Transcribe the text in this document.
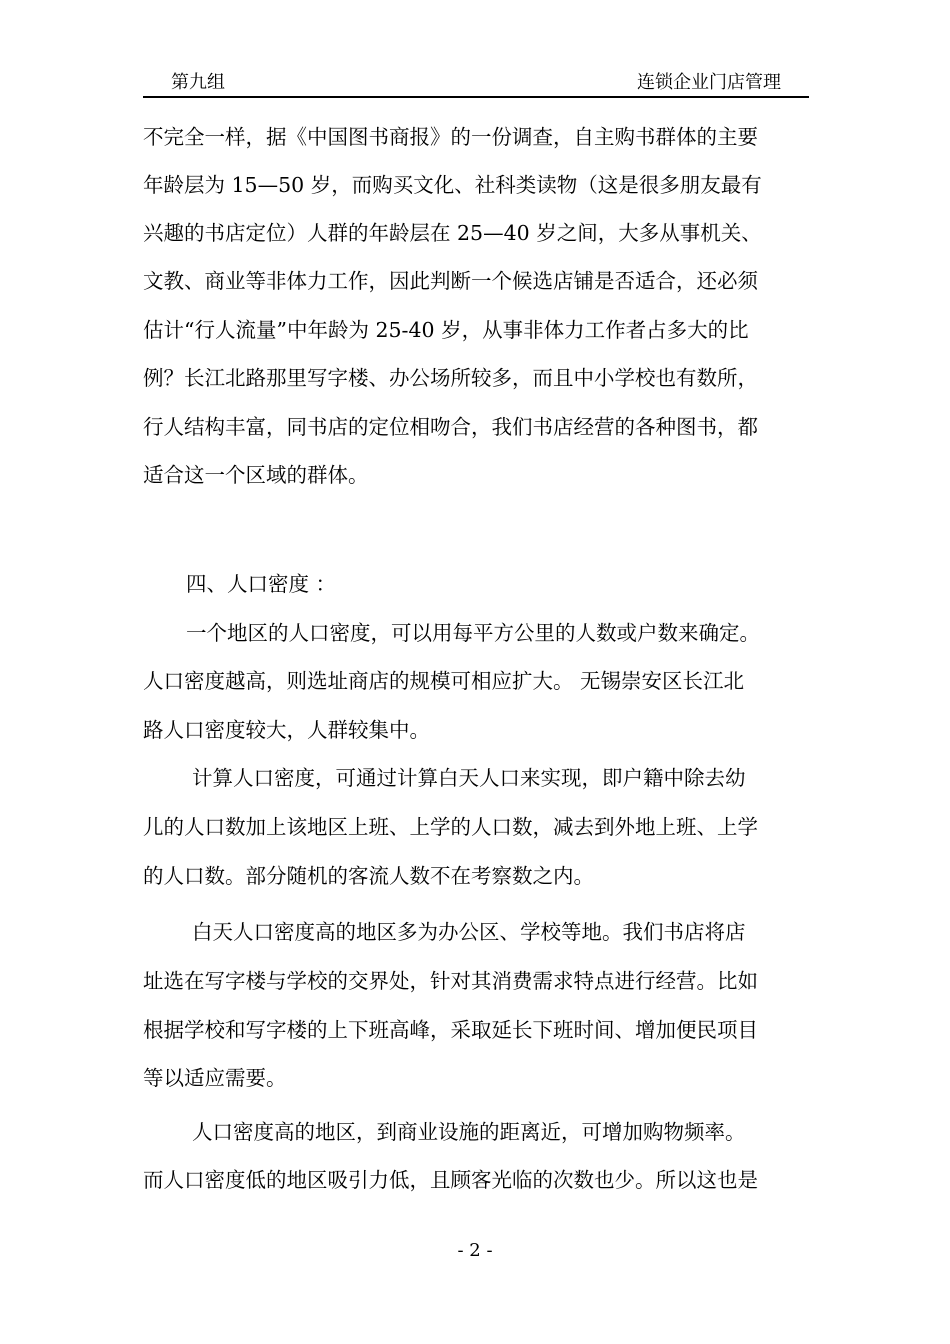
第九组	连锁企业门店管理
不完全一样，据《中国图书商报》的一份调查，自主购书群体的主要
年龄层为 15—50 岁，而购买文化、社科类读物（这是很多朋友最有
兴趣的书店定位）人群的年龄层在 25—40 岁之间，大多从事机关、
文教、商业等非体力工作，因此判断一个候选店铺是否适合，还必须
估计“行人流量”中年龄为 25-40 岁，从事非体力工作者占多大的比
例？长江北路那里写字楼、办公场所较多，而且中小学校也有数所，
行人结构丰富，同书店的定位相吻合，我们书店经营的各种图书，都
适合这一个区域的群体。
四、人口密度 ：
一个地区的人口密度，可以用每平方公里的人数或户数来确定。
人口密度越高，则选址商店的规模可相应扩大。 无锡崇安区长江北
路人口密度较大，人群较集中。
计算人口密度，可通过计算白天人口来实现，即户籍中除去幼
儿的人口数加上该地区上班、上学的人口数，减去到外地上班、上学
的人口数。部分随机的客流人数不在考察数之内。
白天人口密度高的地区多为办公区、学校等地。我们书店将店
址选在写字楼与学校的交界处，针对其消费需求特点进行经营。比如
根据学校和写字楼的上下班高峰，采取延长下班时间、增加便民项目
等以适应需要。
人口密度高的地区，到商业设施的距离近，可增加购物频率。
而人口密度低的地区吸引力低，且顾客光临的次数也少。所以这也是
- 2 -
